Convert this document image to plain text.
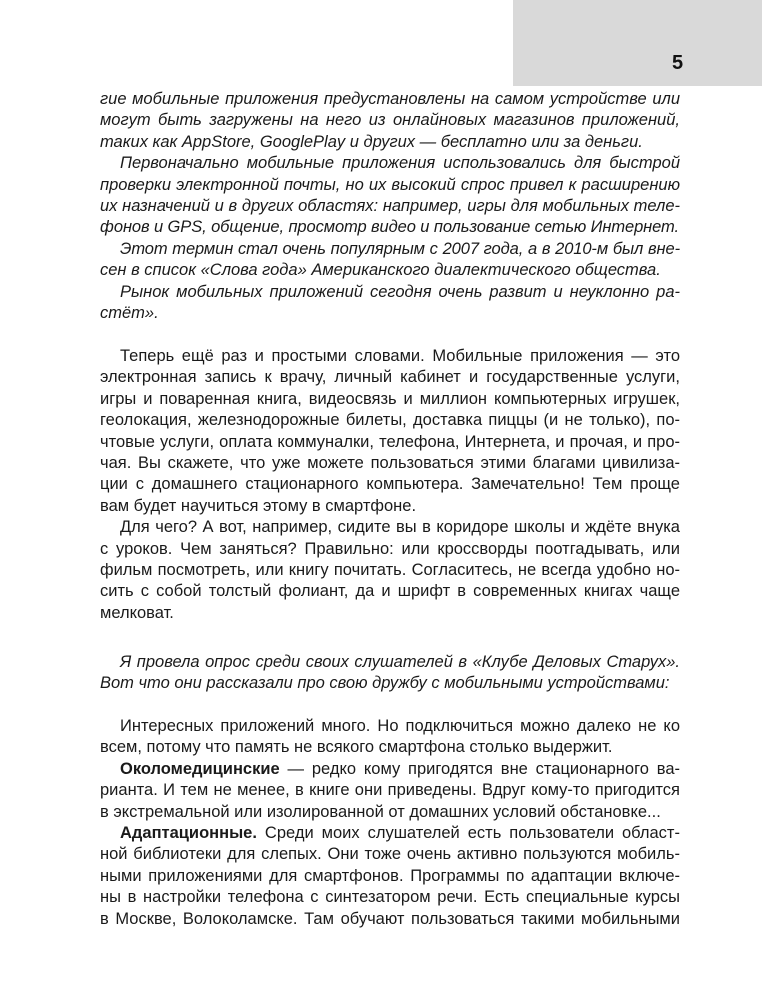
5
гие мобильные приложения предустановлены на самом устройстве или
могут быть загружены на него из онлайновых магазинов приложений,
таких как AppStore, GooglePlay и других — бесплатно или за деньги.
Первоначально мобильные приложения использовались для быстрой
проверки электронной почты, но их высокий спрос привел к расширению
их назначений и в других областях: например, игры для мобильных теле-
фонов и GPS, общение, просмотр видео и пользование сетью Интернет.
Этот термин стал очень популярным с 2007 года, а в 2010-м был вне-
сен в список «Слова года» Американского диалектического общества.
Рынок мобильных приложений сегодня очень развит и неуклонно ра-
стёт».
Теперь ещё раз и простыми словами. Мобильные приложения — это
электронная запись к врачу, личный кабинет и государственные услуги,
игры и поваренная книга, видеосвязь и миллион компьютерных игрушек,
геолокация, железнодорожные билеты, доставка пиццы (и не только), по-
чтовые услуги, оплата коммуналки, телефона, Интернета, и прочая, и про-
чая. Вы скажете, что уже можете пользоваться этими благами цивилиза-
ции с домашнего стационарного компьютера. Замечательно! Тем проще
вам будет научиться этому в смартфоне.
Для чего? А вот, например, сидите вы в коридоре школы и ждёте внука
с уроков. Чем заняться? Правильно: или кроссворды поотгадывать, или
фильм посмотреть, или книгу почитать. Согласитесь, не всегда удобно но-
сить с собой толстый фолиант, да и шрифт в современных книгах чаще
мелковат.
Я провела опрос среди своих слушателей в «Клубе Деловых Старух».
Вот что они рассказали про свою дружбу с мобильными устройствами:
Интересных приложений много. Но подключиться можно далеко не ко
всем, потому что память не всякого смартфона столько выдержит.
Околомедицинские — редко кому пригодятся вне стационарного ва-
рианта. И тем не менее, в книге они приведены. Вдруг кому-то пригодится
в экстремальной или изолированной от домашних условий обстановке...
Адаптационные. Среди моих слушателей есть пользователи област-
ной библиотеки для слепых. Они тоже очень активно пользуются мобиль-
ными приложениями для смартфонов. Программы по адаптации включе-
ны в настройки телефона с синтезатором речи. Есть специальные курсы
в Москве, Волоколамске. Там обучают пользоваться такими мобильными
